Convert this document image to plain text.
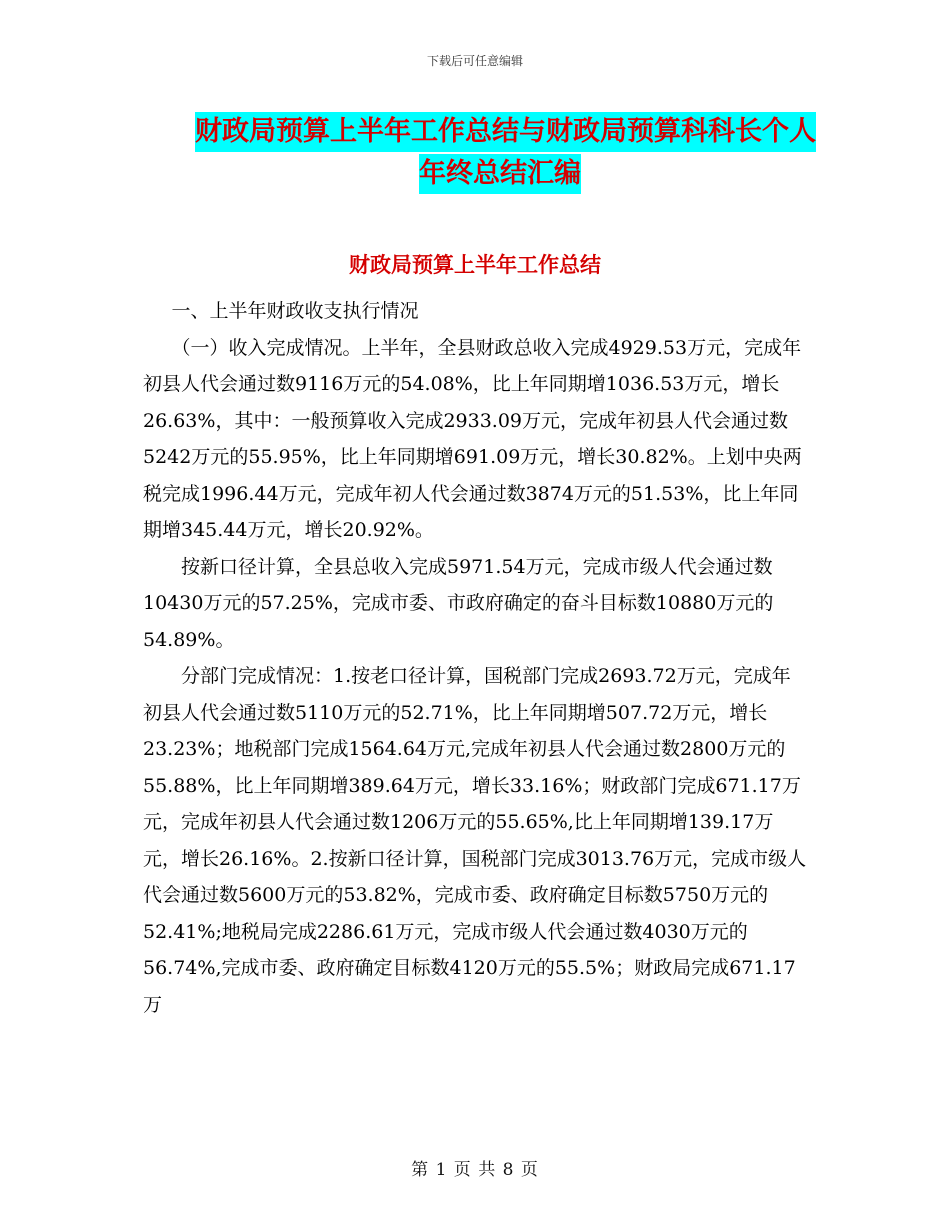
下载后可任意编辑
财政局预算上半年工作总结与财政局预算科科长个人
年终总结汇编
财政局预算上半年工作总结

一、上半年财政收支执行情况

（一）收入完成情况。上半年，全县财政总收入完成4929.53万元，完成年初县人代会通过数9116万元的54.08%，比上年同期增1036.53万元，增长26.63%，其中：一般预算收入完成2933.09万元，完成年初县人代会通过数5242万元的55.95%，比上年同期增691.09万元，增长30.82%。上划中央两税完成1996.44万元，完成年初人代会通过数3874万元的51.53%，比上年同期增345.44万元，增长20.92%。

按新口径计算，全县总收入完成5971.54万元，完成市级人代会通过数10430万元的57.25%，完成市委、市政府确定的奋斗目标数10880万元的54.89%。

分部门完成情况：1.按老口径计算，国税部门完成2693.72万元，完成年初县人代会通过数5110万元的52.71%，比上年同期增507.72万元，增长23.23%；地税部门完成1564.64万元,完成年初县人代会通过数2800万元的55.88%，比上年同期增389.64万元，增长33.16%；财政部门完成671.17万元，完成年初县人代会通过数1206万元的55.65%,比上年同期增139.17万元，增长26.16%。2.按新口径计算，国税部门完成3013.76万元，完成市级人代会通过数5600万元的53.82%，完成市委、政府确定目标数5750万元的52.41%;地税局完成2286.61万元，完成市级人代会通过数4030万元的56.74%,完成市委、政府确定目标数4120万元的55.5%；财政局完成671.17万

第 1 页 共 8 页
